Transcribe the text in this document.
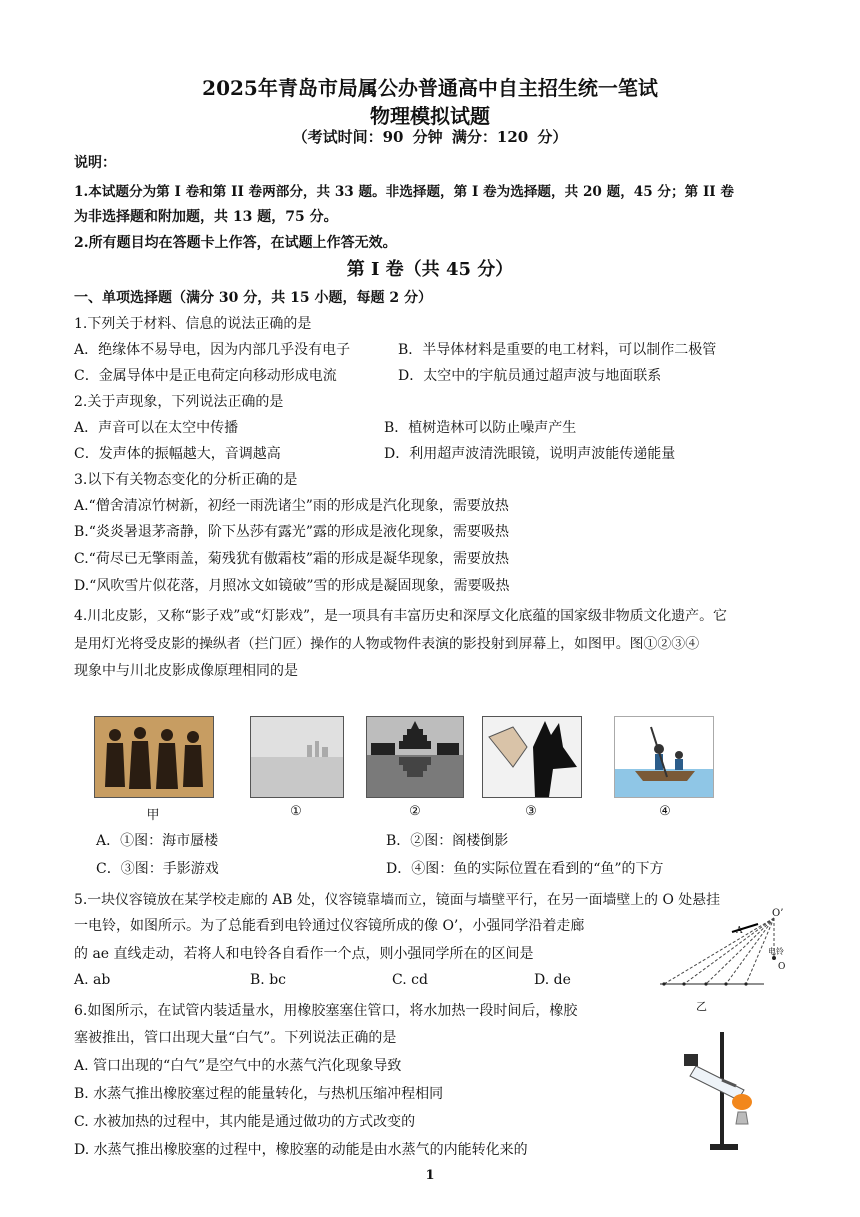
2025年青岛市局属公办普通高中自主招生统一笔试
物理模拟试题
（考试时间：90 分钟 满分：120 分）
说明：
1.本试题分为第 I 卷和第 II 卷两部分，共 33 题。非选择题，第 I 卷为选择题，共 20 题，45 分；第 II 卷
为非选择题和附加题，共 13 题，75 分。
2.所有题目均在答题卡上作答，在试题上作答无效。
第 I 卷（共 45 分）
一、单项选择题（满分 30 分，共 15 小题，每题 2 分）
1.下列关于材料、信息的说法正确的是
A．绝缘体不易导电，因为内部几乎没有电子	B．半导体材料是重要的电工材料，可以制作二极管
C．金属导体中是正电荷定向移动形成电流	D．太空中的宇航员通过超声波与地面联系
2.关于声现象，下列说法正确的是
A．声音可以在太空中传播	B．植树造林可以防止噪声产生
C．发声体的振幅越大，音调越高	D．利用超声波清洗眼镜，说明声波能传递能量
3.以下有关物态变化的分析正确的是
A.“僧舍清凉竹树新，初经一雨洗诸尘”雨的形成是汽化现象，需要放热
B.“炎炎暑退茅斋静，阶下丛莎有露光”露的形成是液化现象，需要吸热
C.“荷尽已无擎雨盖，菊残犹有傲霜枝”霜的形成是凝华现象，需要放热
D.“风吹雪片似花落，月照冰文如镜破”雪的形成是凝固现象，需要吸热
4.川北皮影，又称“影子戏”或“灯影戏”，是一项具有丰富历史和深厚文化底蕴的国家级非物质文化遗产。它
是用灯光将受皮影的操纵者（拦门匠）操作的人物或物件表演的影投射到屏幕上，如图甲。图①②③④
现象中与川北皮影成像原理相同的是
甲	①	②	③	④
A．①图：海市蜃楼	B．②图：阁楼倒影
C．③图：手影游戏	D．④图：鱼的实际位置在看到的“鱼”的下方
5.一块仪容镜放在某学校走廊的 AB 处，仪容镜靠墙而立，镜面与墙壁平行，在另一面墙壁上的 O 处悬挂
一电铃，如图所示。为了总能看到电铃通过仪容镜所成的像 O’，小强同学沿着走廊
的 ae 直线走动，若将人和电铃各自看作一个点，则小强同学所在的区间是
A. ab	B. bc	C. cd	D. de
O’
A
电铃
O
乙
6.如图所示，在试管内装适量水，用橡胶塞塞住管口，将水加热一段时间后，橡胶
塞被推出，管口出现大量“白气”。下列说法正确的是
A. 管口出现的“白气”是空气中的水蒸气汽化现象导致
B. 水蒸气推出橡胶塞过程的能量转化，与热机压缩冲程相同
C. 水被加热的过程中，其内能是通过做功的方式改变的
D. 水蒸气推出橡胶塞的过程中，橡胶塞的动能是由水蒸气的内能转化来的
1
